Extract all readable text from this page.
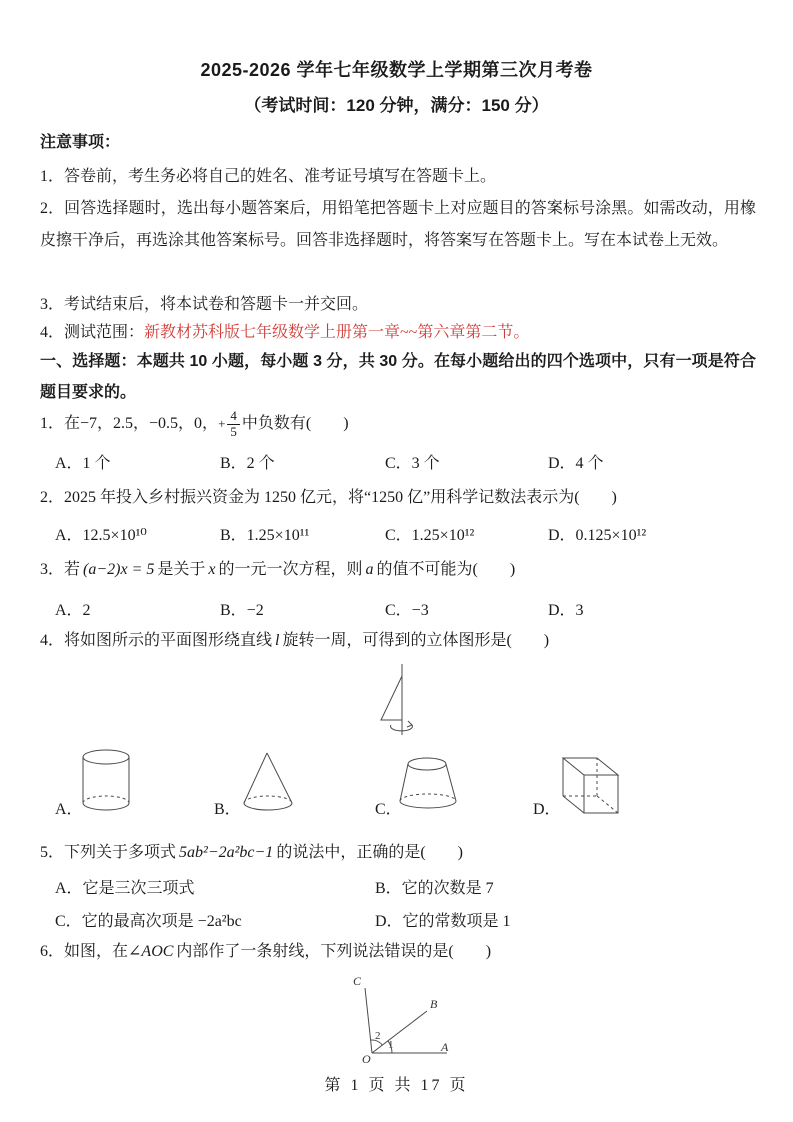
2025-2026 学年七年级数学上学期第三次月考卷
（考试时间：120 分钟，满分：150 分）
注意事项：
1．答卷前，考生务必将自己的姓名、准考证号填写在答题卡上。
2．回答选择题时，选出每小题答案后，用铅笔把答题卡上对应题目的答案标号涂黑。如需改动，用橡皮擦干净后，再选涂其他答案标号。回答非选择题时，将答案写在答题卡上。写在本试卷上无效。
3．考试结束后，将本试卷和答题卡一并交回。
4．测试范围：新教材苏科版七年级数学上册第一章~~第六章第二节。
一、选择题：本题共 10 小题，每小题 3 分，共 30 分。在每小题给出的四个选项中，只有一项是符合题目要求的。
1．在−7，2.5，−0.5，0， + $\frac{4}{5}$ 中负数有(　　)
A．1 个	B．2 个	C．3 个	D．4 个
2．2025 年投入乡村振兴资金为 1250 亿元，将“1250 亿”用科学记数法表示为(　　)
A．12.5×10¹⁰	B．1.25×10¹¹	C．1.25×10¹²	D．0.125×10¹²
3．若 (a−2)x = 5 是关于 x 的一元一次方程，则 a 的值不可能为(　　)
A．2	B．−2	C．−3	D．3
4．将如图所示的平面图形绕直线 l 旋转一周，可得到的立体图形是(　　)
A．	B．	C．	D．
5．下列关于多项式 5ab²−2a²bc−1 的说法中，正确的是(　　)
A．它是三次三项式	B．它的次数是 7
C．它的最高次项是 −2a²bc	D．它的常数项是 1
6．如图，在∠AOC 内部作了一条射线，下列说法错误的是(　　)
O
A
B
C
1
2
第 1 页 共 17 页
